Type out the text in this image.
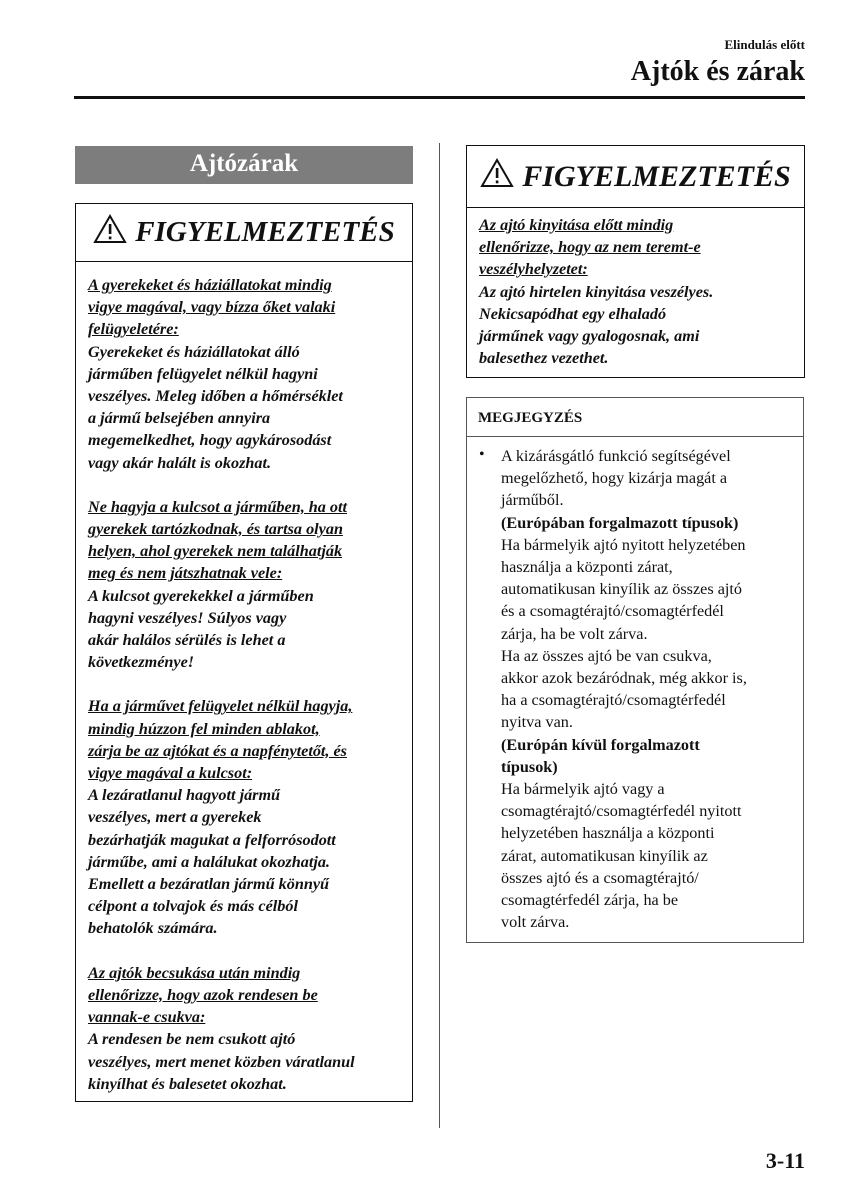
Elindulás előtt
Ajtók és zárak
Ajtózárak
FIGYELMEZTETÉS

A gyerekeket és háziállatokat mindig
vigye magával, vagy bízza őket valaki
felügyeletére:
Gyerekeket és háziállatokat álló
járműben felügyelet nélkül hagyni
veszélyes. Meleg időben a hőmérséklet
a jármű belsejében annyira
megemelkedhet, hogy agykárosodást
vagy akár halált is okozhat.

Ne hagyja a kulcsot a járműben, ha ott
gyerekek tartózkodnak, és tartsa olyan
helyen, ahol gyerekek nem találhatják
meg és nem játszhatnak vele:
A kulcsot gyerekekkel a járműben
hagyni veszélyes! Súlyos vagy
akár halálos sérülés is lehet a
következménye!

Ha a járművet felügyelet nélkül hagyja,
mindig húzzon fel minden ablakot,
zárja be az ajtókat és a napfénytetőt, és
vigye magával a kulcsot:
A lezáratlanul hagyott jármű
veszélyes, mert a gyerekek
bezárhatják magukat a felforrósodott
járműbe, ami a halálukat okozhatja.
Emellett a bezáratlan jármű könnyű
célpont a tolvajok és más célból
behatolók számára.

Az ajtók becsukása után mindig
ellenőrizze, hogy azok rendesen be
vannak-e csukva:
A rendesen be nem csukott ajtó
veszélyes, mert menet közben váratlanul
kinyílhat és balesetet okozhat.

FIGYELMEZTETÉS

Az ajtó kinyitása előtt mindig
ellenőrizze, hogy az nem teremt-e
veszélyhelyzetet:
Az ajtó hirtelen kinyitása veszélyes.
Nekicsapódhat egy elhaladó
járműnek vagy gyalogosnak, ami
balesethez vezethet.

MEGJEGYZÉS
• A kizárásgátló funkció segítségével
megelőzhető, hogy kizárja magát a
járműből.
(Európában forgalmazott típusok)
Ha bármelyik ajtó nyitott helyzetében
használja a központi zárat,
automatikusan kinyílik az összes ajtó
és a csomagtérajtó/csomagtérfedél
zárja, ha be volt zárva.
Ha az összes ajtó be van csukva,
akkor azok bezáródnak, még akkor is,
ha a csomagtérajtó/csomagtérfedél
nyitva van.
(Európán kívül forgalmazott
típusok)
Ha bármelyik ajtó vagy a
csomagtérajtó/csomagtérfedél nyitott
helyzetében használja a központi
zárat, automatikusan kinyílik az
összes ajtó és a csomagtérajtó/
csomagtérfedél zárja, ha be
volt zárva.
3-11
